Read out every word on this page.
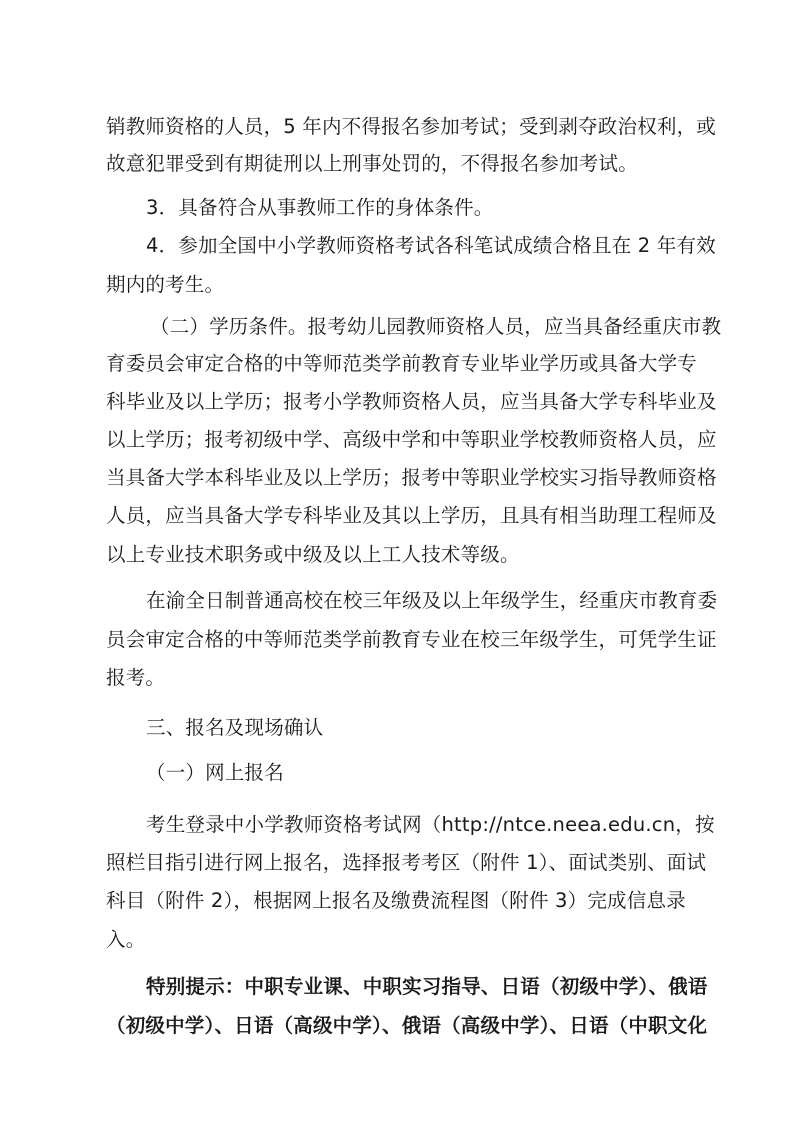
销教师资格的人员，5 年内不得报名参加考试；受到剥夺政治权利，或
故意犯罪受到有期徒刑以上刑事处罚的，不得报名参加考试。
3．具备符合从事教师工作的身体条件。
4．参加全国中小学教师资格考试各科笔试成绩合格且在 2 年有效
期内的考生。
（二）学历条件。报考幼儿园教师资格人员，应当具备经重庆市教
育委员会审定合格的中等师范类学前教育专业毕业学历或具备大学专
科毕业及以上学历；报考小学教师资格人员，应当具备大学专科毕业及
以上学历；报考初级中学、高级中学和中等职业学校教师资格人员，应
当具备大学本科毕业及以上学历；报考中等职业学校实习指导教师资格
人员，应当具备大学专科毕业及其以上学历，且具有相当助理工程师及
以上专业技术职务或中级及以上工人技术等级。
在渝全日制普通高校在校三年级及以上年级学生，经重庆市教育委
员会审定合格的中等师范类学前教育专业在校三年级学生，可凭学生证
报考。
三、报名及现场确认
（一）网上报名
考生登录中小学教师资格考试网（http://ntce.neea.edu.cn，按
照栏目指引进行网上报名，选择报考考区（附件 1）、面试类别、面试
科目（附件 2），根据网上报名及缴费流程图（附件 3）完成信息录
入。
特别提示：中职专业课、中职实习指导、日语（初级中学）、俄语
（初级中学）、日语（高级中学）、俄语（高级中学）、日语（中职文化
